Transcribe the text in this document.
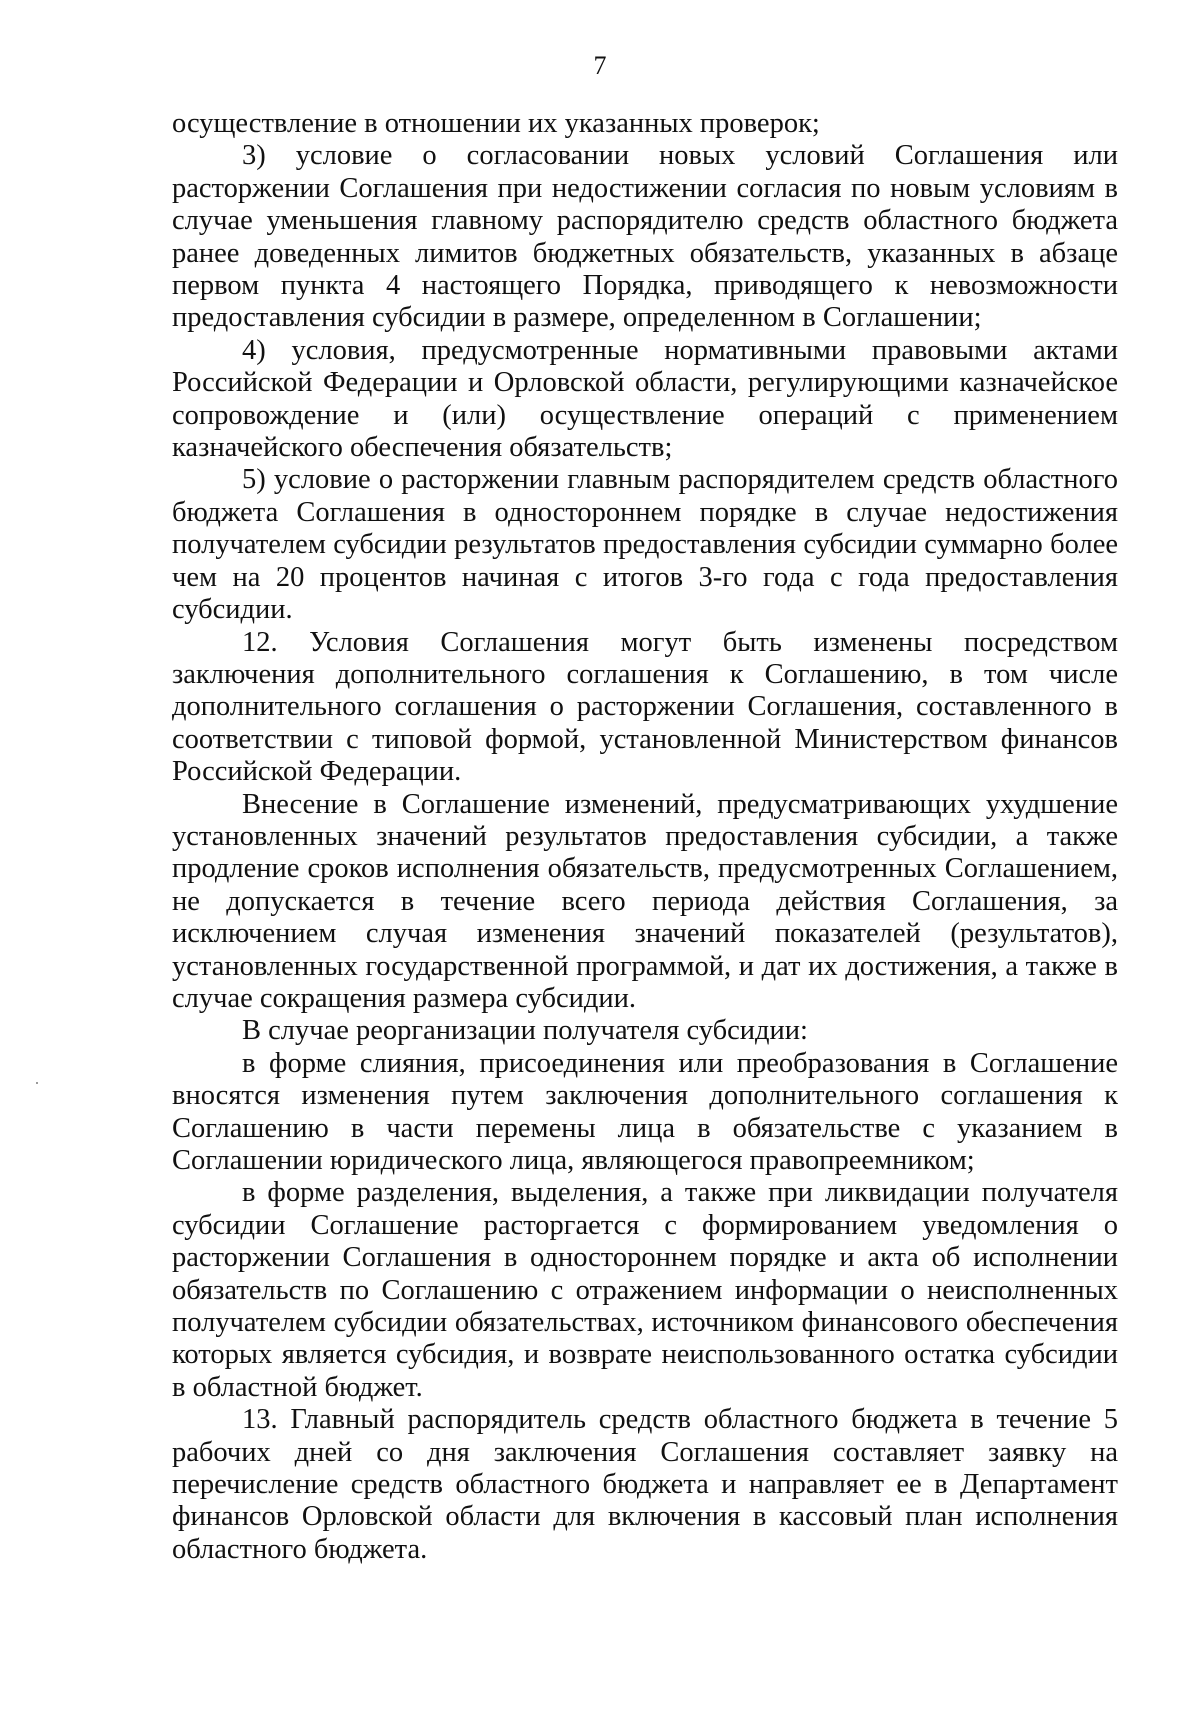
7

осуществление в отношении их указанных проверок;

3) условие о согласовании новых условий Соглашения или расторжении Соглашения при недостижении согласия по новым условиям в случае уменьшения главному распорядителю средств областного бюджета ранее доведенных лимитов бюджетных обязательств, указанных в абзаце первом пункта 4 настоящего Порядка, приводящего к невозможности предоставления субсидии в размере, определенном в Соглашении;

4) условия, предусмотренные нормативными правовыми актами Российской Федерации и Орловской области, регулирующими казначейское сопровождение и (или) осуществление операций с применением казначейского обеспечения обязательств;

5) условие о расторжении главным распорядителем средств областного бюджета Соглашения в одностороннем порядке в случае недостижения получателем субсидии результатов предоставления субсидии суммарно более чем на 20 процентов начиная с итогов 3-го года с года предоставления субсидии.

12. Условия Соглашения могут быть изменены посредством заключения дополнительного соглашения к Соглашению, в том числе дополнительного соглашения о расторжении Соглашения, составленного в соответствии с типовой формой, установленной Министерством финансов Российской Федерации.

Внесение в Соглашение изменений, предусматривающих ухудшение установленных значений результатов предоставления субсидии, а также продление сроков исполнения обязательств, предусмотренных Соглашением, не допускается в течение всего периода действия Соглашения, за исключением случая изменения значений показателей (результатов), установленных государственной программой, и дат их достижения, а также в случае сокращения размера субсидии.

В случае реорганизации получателя субсидии:

в форме слияния, присоединения или преобразования в Соглашение вносятся изменения путем заключения дополнительного соглашения к Соглашению в части перемены лица в обязательстве с указанием в Соглашении юридического лица, являющегося правопреемником;

в форме разделения, выделения, а также при ликвидации получателя субсидии Соглашение расторгается с формированием уведомления о расторжении Соглашения в одностороннем порядке и акта об исполнении обязательств по Соглашению с отражением информации о неисполненных получателем субсидии обязательствах, источником финансового обеспечения которых является субсидия, и возврате неиспользованного остатка субсидии в областной бюджет.

13. Главный распорядитель средств областного бюджета в течение 5 рабочих дней со дня заключения Соглашения составляет заявку на перечисление средств областного бюджета и направляет ее в Департамент финансов Орловской области для включения в кассовый план исполнения областного бюджета.
